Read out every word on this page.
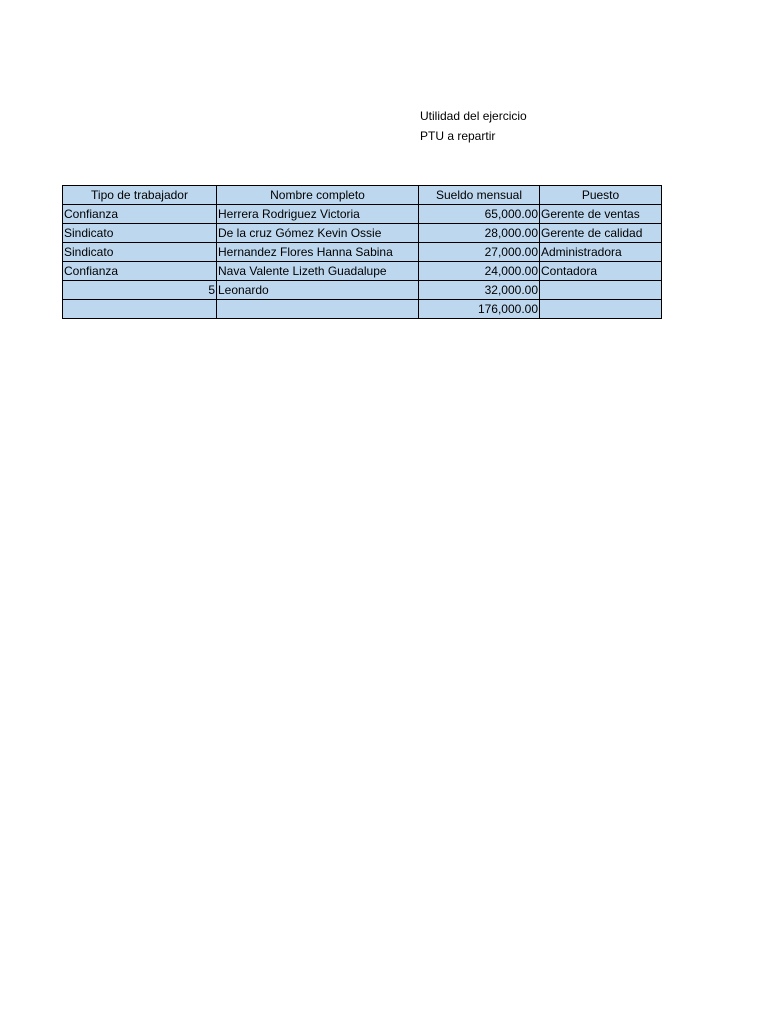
Utilidad del ejercicio
PTU a repartir
Tipo de trabajador	Nombre completo	Sueldo mensual	Puesto
Confianza	Herrera Rodriguez Victoria	65,000.00	Gerente de ventas
Sindicato	De la cruz Gómez Kevin Ossie	28,000.00	Gerente de calidad
Sindicato	Hernandez Flores Hanna Sabina	27,000.00	Administradora
Confianza	Nava Valente Lizeth Guadalupe	24,000.00	Contadora
5	Leonardo	32,000.00	
		176,000.00	
